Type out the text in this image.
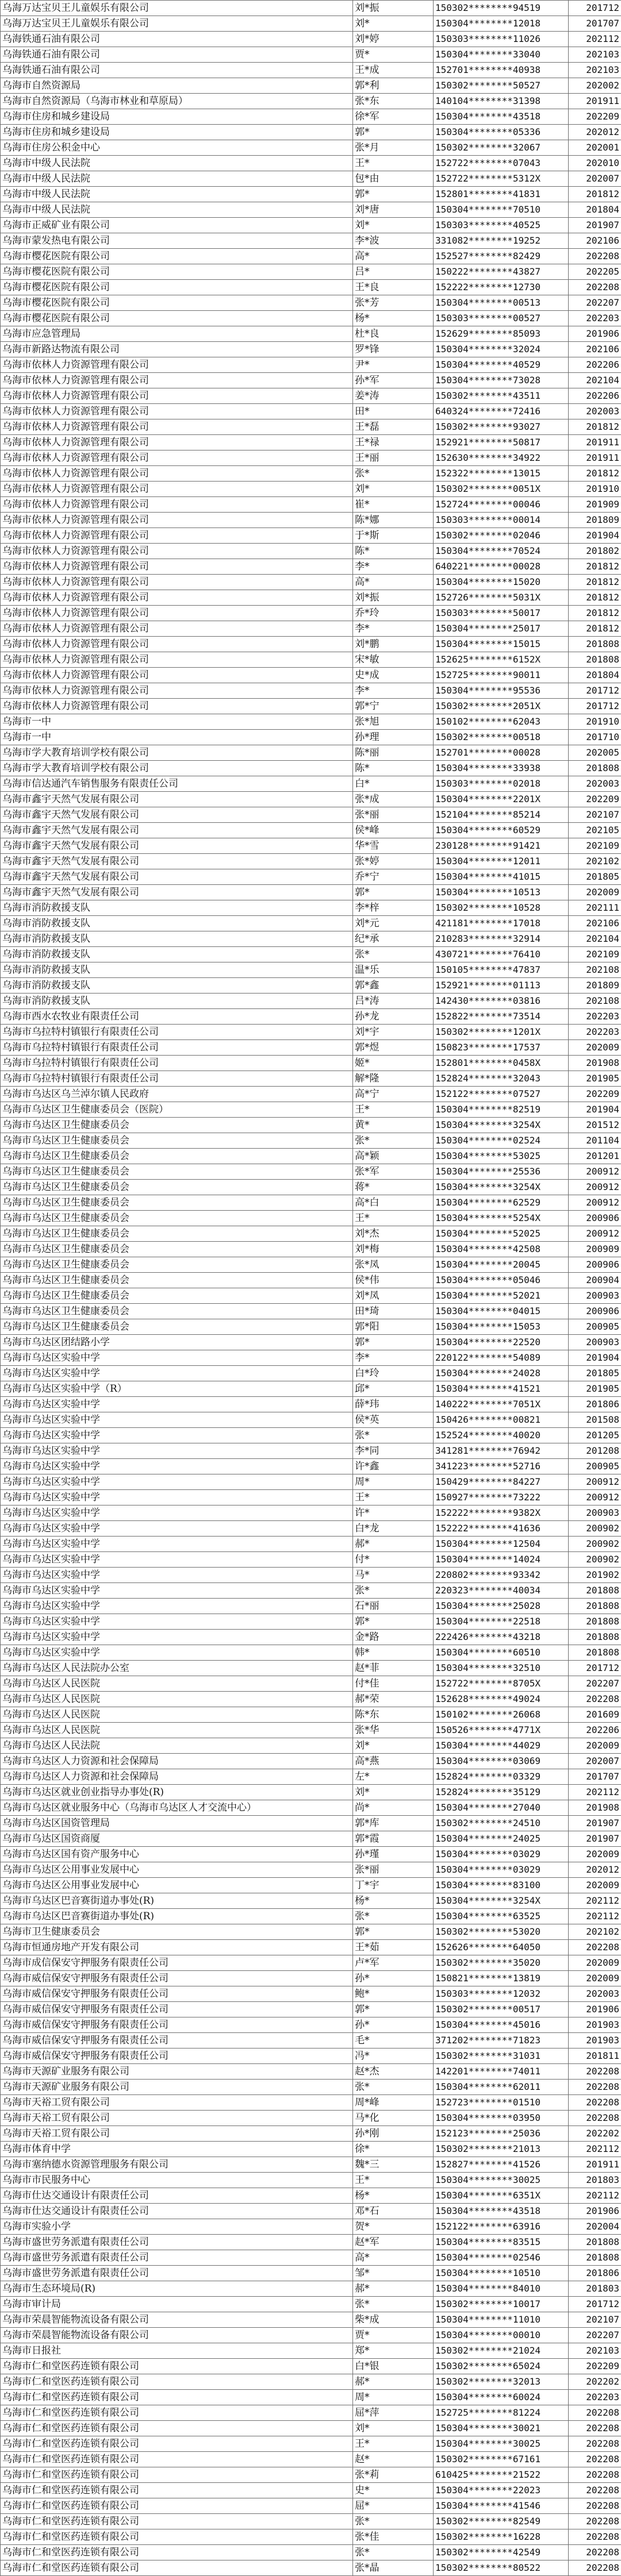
乌海万达宝贝王儿童娱乐有限公司	刘*振	150302********94519	201712
乌海万达宝贝王儿童娱乐有限公司	刘*	150304********12018	201707
乌海铁通石油有限公司	刘*婷	150303********11026	202112
乌海铁通石油有限公司	贾*	150304********33040	202103
乌海铁通石油有限公司	王*成	152701********40938	202103
乌海市自然资源局	郭*利	150302********50527	202002
乌海市自然资源局（乌海市林业和草原局）	张*东	140104********31398	201911
乌海市住房和城乡建设局	徐*军	150304********43518	202209
乌海市住房和城乡建设局	郭*	150304********05336	202012
乌海市住房公积金中心	张*月	150302********32067	202001
乌海市中级人民法院	王*	152722********07043	202010
乌海市中级人民法院	包*由	152722********5312X	202007
乌海市中级人民法院	郭*	152801********41831	201812
乌海市中级人民法院	刘*唐	150304********70510	201804
乌海市正威矿业有限公司	刘*	150303********40525	201907
乌海市蒙发热电有限公司	李*波	331082********19252	202106
乌海市樱花医院有限公司	高*	152527********82429	202208
乌海市樱花医院有限公司	吕*	150222********43827	202205
乌海市樱花医院有限公司	王*良	152222********12730	202208
乌海市樱花医院有限公司	张*芳	150304********00513	202207
乌海市樱花医院有限公司	杨*	150303********00527	202203
乌海市应急管理局	杜*良	152629********85093	201906
乌海市新路达物流有限公司	罗*锋	150304********32024	202106
乌海市依林人力资源管理有限公司	尹*	150304********40529	202206
乌海市依林人力资源管理有限公司	孙*军	150304********73028	202104
乌海市依林人力资源管理有限公司	姜*涛	150302********43511	202206
乌海市依林人力资源管理有限公司	田*	640324********72416	202003
乌海市依林人力资源管理有限公司	王*磊	150302********93027	201812
乌海市依林人力资源管理有限公司	王*禄	152921********50817	201911
乌海市依林人力资源管理有限公司	王*丽	152630********34922	201911
乌海市依林人力资源管理有限公司	张*	152322********13015	201812
乌海市依林人力资源管理有限公司	刘*	150302********0051X	201910
乌海市依林人力资源管理有限公司	崔*	152724********00046	201909
乌海市依林人力资源管理有限公司	陈*娜	150303********00014	201809
乌海市依林人力资源管理有限公司	于*斯	150302********02046	201904
乌海市依林人力资源管理有限公司	陈*	150304********70524	201802
乌海市依林人力资源管理有限公司	李*	640221********00028	201812
乌海市依林人力资源管理有限公司	高*	150304********15020	201812
乌海市依林人力资源管理有限公司	刘*振	152726********5031X	201812
乌海市依林人力资源管理有限公司	乔*玲	150303********50017	201812
乌海市依林人力资源管理有限公司	李*	150304********25017	201812
乌海市依林人力资源管理有限公司	刘*鹏	150304********15015	201808
乌海市依林人力资源管理有限公司	宋*敏	152625********6152X	201808
乌海市依林人力资源管理有限公司	史*成	152725********90011	201804
乌海市依林人力资源管理有限公司	李*	150304********95536	201712
乌海市依林人力资源管理有限公司	郭*宁	150302********2051X	201712
乌海市一中	张*旭	150102********62043	201910
乌海市一中	孙*理	150302********00518	201710
乌海市学大教育培训学校有限公司	陈*丽	152701********00028	202005
乌海市学大教育培训学校有限公司	陈*	150304********33938	201808
乌海市信达通汽车销售服务有限责任公司	白*	150303********02018	202003
乌海市鑫宇天然气发展有限公司	张*成	150304********2201X	202209
乌海市鑫宇天然气发展有限公司	张*丽	152104********85214	202107
乌海市鑫宇天然气发展有限公司	侯*峰	150304********60529	202105
乌海市鑫宇天然气发展有限公司	华*雪	230128********91421	202109
乌海市鑫宇天然气发展有限公司	张*婷	150304********12011	202102
乌海市鑫宇天然气发展有限公司	乔*宁	150304********41015	201805
乌海市鑫宇天然气发展有限公司	郭*	150304********10513	202009
乌海市消防救援支队	李*梓	150302********10528	202111
乌海市消防救援支队	刘*元	421181********17018	202106
乌海市消防救援支队	纪*承	210283********32914	202104
乌海市消防救援支队	张*	430721********76410	202109
乌海市消防救援支队	温*乐	150105********47837	202108
乌海市消防救援支队	郭*鑫	152921********01113	201809
乌海市消防救援支队	吕*涛	142430********03816	202108
乌海市西水农牧业有限责任公司	孙*龙	152822********73514	202203
乌海市乌拉特村镇银行有限责任公司	刘*宇	150302********1201X	202203
乌海市乌拉特村镇银行有限责任公司	郭*煜	150823********17537	202009
乌海市乌拉特村镇银行有限责任公司	姬*	152801********0458X	201908
乌海市乌拉特村镇银行有限责任公司	解*隆	152824********32043	201905
乌海市乌达区乌兰淖尔镇人民政府	高*宁	152122********07527	202209
乌海市乌达区卫生健康委员会（医院）	王*	150304********82519	201904
乌海市乌达区卫生健康委员会	黄*	150304********3254X	201512
乌海市乌达区卫生健康委员会	张*	150304********02524	201104
乌海市乌达区卫生健康委员会	高*颖	150304********53025	201201
乌海市乌达区卫生健康委员会	张*军	150304********25536	200912
乌海市乌达区卫生健康委员会	蒋*	150304********3254X	200912
乌海市乌达区卫生健康委员会	高*白	150304********62529	200912
乌海市乌达区卫生健康委员会	王*	150304********5254X	200906
乌海市乌达区卫生健康委员会	刘*杰	150304********52025	200912
乌海市乌达区卫生健康委员会	刘*梅	150304********42508	200909
乌海市乌达区卫生健康委员会	张*凤	150304********20045	200906
乌海市乌达区卫生健康委员会	侯*伟	150304********05046	200904
乌海市乌达区卫生健康委员会	刘*凤	150304********52021	200903
乌海市乌达区卫生健康委员会	田*琦	150304********04015	200906
乌海市乌达区卫生健康委员会	郭*阳	150304********15053	200905
乌海市乌达区团结路小学	郭*	150304********22520	200903
乌海市乌达区实验中学	李*	220122********54089	201904
乌海市乌达区实验中学	白*玲	150304********24028	201805
乌海市乌达区实验中学（R）	邱*	150304********41521	201905
乌海市乌达区实验中学	薛*玮	140222********7051X	201806
乌海市乌达区实验中学	侯*英	150426********00821	201508
乌海市乌达区实验中学	张*	152524********40020	201205
乌海市乌达区实验中学	李*同	341281********76942	201208
乌海市乌达区实验中学	许*鑫	341223********52716	200905
乌海市乌达区实验中学	周*	150429********84227	200912
乌海市乌达区实验中学	王*	150927********73222	200912
乌海市乌达区实验中学	许*	152222********9382X	200903
乌海市乌达区实验中学	白*龙	152222********41636	200902
乌海市乌达区实验中学	郝*	150304********12504	200902
乌海市乌达区实验中学	付*	150304********14024	200902
乌海市乌达区实验中学	马*	220802********93342	201902
乌海市乌达区实验中学	张*	220323********40034	201808
乌海市乌达区实验中学	石*丽	150304********25028	201808
乌海市乌达区实验中学	郭*	150304********22518	201808
乌海市乌达区实验中学	金*路	222426********43218	201808
乌海市乌达区实验中学	韩*	150304********60510	201808
乌海市乌达区人民法院办公室	赵*菲	150304********32510	201712
乌海市乌达区人民医院	付*佳	152722********8705X	202207
乌海市乌达区人民医院	郝*荣	152628********49024	202208
乌海市乌达区人民医院	陈*东	150102********26068	201609
乌海市乌达区人民医院	张*华	150526********4771X	202206
乌海市乌达区人民法院	刘*	150304********44029	202009
乌海市乌达区人力资源和社会保障局	高*燕	150304********03069	202007
乌海市乌达区人力资源和社会保障局	左*	152824********03329	201707
乌海市乌达区就业创业指导办事处(R)	刘*	152824********35129	202112
乌海市乌达区就业服务中心（乌海市乌达区人才交流中心）	尚*	150304********27040	201908
乌海市乌达区国资管理局	郭*库	150302********24510	201907
乌海市乌达区国资商厦	郭*霞	150304********24025	201907
乌海市乌达区国有资产服务中心	孙*瑾	150304********03029	202009
乌海市乌达区公用事业发展中心	张*丽	150304********03029	202012
乌海市乌达区公用事业发展中心	丁*宇	150304********83100	202009
乌海市乌达区巴音赛街道办事处(R)	杨*	150304********3254X	202112
乌海市乌达区巴音赛街道办事处(R)	张*	150304********63525	202112
乌海市卫生健康委员会	郭*	150302********53020	202102
乌海市恒通房地产开发有限公司	王*茹	152626********64050	202208
乌海市成信保安守押服务有限责任公司	卢*军	150302********35020	202009
乌海市威信保安守押服务有限责任公司	孙*	150821********13819	202009
乌海市威信保安守押服务有限责任公司	鲍*	150303********12032	202003
乌海市威信保安守押服务有限责任公司	郭*	150302********00517	201906
乌海市威信保安守押服务有限责任公司	孙*	150304********45016	201903
乌海市威信保安守押服务有限责任公司	毛*	371202********71823	201903
乌海市威信保安守押服务有限责任公司	冯*	150302********31031	201811
乌海市天源矿业服务有限公司	赵*杰	142201********74011	202208
乌海市天源矿业服务有限公司	张*	150304********62011	202208
乌海市天裕工贸有限公司	周*峰	152723********01510	202208
乌海市天裕工贸有限公司	马*化	150304********03950	202208
乌海市天裕工贸有限公司	孙*刚	152123********25036	202202
乌海市体育中学	徐*	150302********21013	202112
乌海市塞纳德水资源管理服务有限公司	魏*三	152827********41526	201911
乌海市市民服务中心	王*	150304********30025	201803
乌海市仕达交通设计有限责任公司	杨*	150304********6351X	202112
乌海市仕达交通设计有限责任公司	邓*石	150304********43518	201906
乌海市实验小学	贺*	152122********63916	202004
乌海市盛世劳务派遣有限责任公司	赵*军	150304********83515	201808
乌海市盛世劳务派遣有限责任公司	高*	150304********02546	201808
乌海市盛世劳务派遣有限责任公司	邹*	150304********10510	201806
乌海市生态环境局(R)	郝*	150304********84010	201803
乌海市审计局	张*	150302********10017	201712
乌海市荣晨智能物流设备有限公司	柴*成	150304********11010	202107
乌海市荣晨智能物流设备有限公司	贾*	150304********00010	202207
乌海市日报社	郑*	150302********21024	202103
乌海市仁和堂医药连锁有限公司	白*银	150302********65024	202209
乌海市仁和堂医药连锁有限公司	郝*	150302********32013	202202
乌海市仁和堂医药连锁有限公司	周*	150304********60024	202203
乌海市仁和堂医药连锁有限公司	屈*萍	152725********81224	202208
乌海市仁和堂医药连锁有限公司	刘*	150304********30021	202208
乌海市仁和堂医药连锁有限公司	王*	150304********30025	202208
乌海市仁和堂医药连锁有限公司	赵*	150302********67161	202208
乌海市仁和堂医药连锁有限公司	张*莉	610425********21522	202208
乌海市仁和堂医药连锁有限公司	史*	150304********22023	202208
乌海市仁和堂医药连锁有限公司	屈*	150304********41546	202208
乌海市仁和堂医药连锁有限公司	张*	150302********82549	202208
乌海市仁和堂医药连锁有限公司	张*佳	150302********16228	202208
乌海市仁和堂医药连锁有限公司	张*	150302********42549	202208
乌海市仁和堂医药连锁有限公司	张*晶	150302********80522	202208
